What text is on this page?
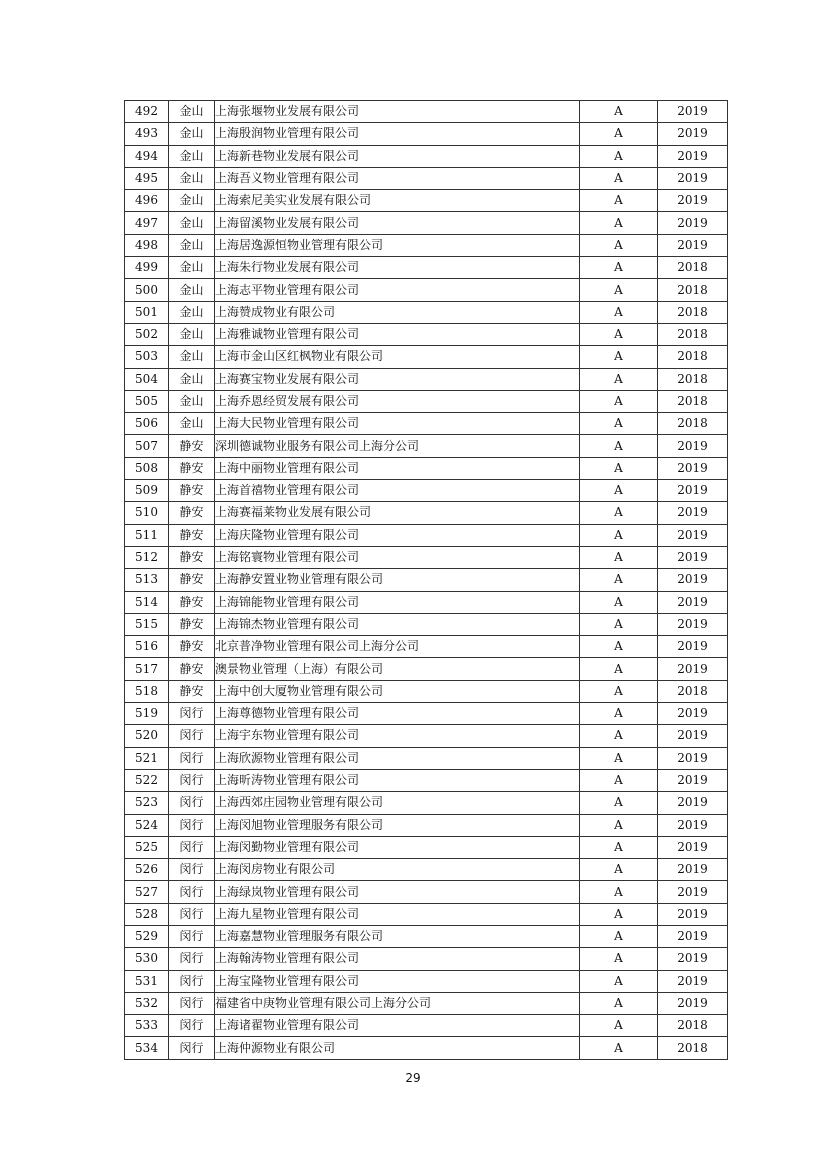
492	金山	上海张堰物业发展有限公司	A	2019
493	金山	上海殷润物业管理有限公司	A	2019
494	金山	上海新巷物业发展有限公司	A	2019
495	金山	上海吾义物业管理有限公司	A	2019
496	金山	上海索尼美实业发展有限公司	A	2019
497	金山	上海留溪物业发展有限公司	A	2019
498	金山	上海居逸源恒物业管理有限公司	A	2019
499	金山	上海朱行物业发展有限公司	A	2018
500	金山	上海志平物业管理有限公司	A	2018
501	金山	上海赞成物业有限公司	A	2018
502	金山	上海雅诚物业管理有限公司	A	2018
503	金山	上海市金山区红枫物业有限公司	A	2018
504	金山	上海赛宝物业发展有限公司	A	2018
505	金山	上海乔恩经贸发展有限公司	A	2018
506	金山	上海大民物业管理有限公司	A	2018
507	静安	深圳德诚物业服务有限公司上海分公司	A	2019
508	静安	上海中丽物业管理有限公司	A	2019
509	静安	上海首禧物业管理有限公司	A	2019
510	静安	上海赛福莱物业发展有限公司	A	2019
511	静安	上海庆隆物业管理有限公司	A	2019
512	静安	上海铭寰物业管理有限公司	A	2019
513	静安	上海静安置业物业管理有限公司	A	2019
514	静安	上海锦能物业管理有限公司	A	2019
515	静安	上海锦杰物业管理有限公司	A	2019
516	静安	北京普净物业管理有限公司上海分公司	A	2019
517	静安	澳景物业管理（上海）有限公司	A	2019
518	静安	上海中创大厦物业管理有限公司	A	2018
519	闵行	上海尊德物业管理有限公司	A	2019
520	闵行	上海宇东物业管理有限公司	A	2019
521	闵行	上海欣源物业管理有限公司	A	2019
522	闵行	上海昕涛物业管理有限公司	A	2019
523	闵行	上海西郊庄园物业管理有限公司	A	2019
524	闵行	上海闵旭物业管理服务有限公司	A	2019
525	闵行	上海闵勤物业管理有限公司	A	2019
526	闵行	上海闵房物业有限公司	A	2019
527	闵行	上海绿岚物业管理有限公司	A	2019
528	闵行	上海九星物业管理有限公司	A	2019
529	闵行	上海嘉慧物业管理服务有限公司	A	2019
530	闵行	上海翰涛物业管理有限公司	A	2019
531	闵行	上海宝隆物业管理有限公司	A	2019
532	闵行	福建省中庚物业管理有限公司上海分公司	A	2019
533	闵行	上海诸翟物业管理有限公司	A	2018
534	闵行	上海仲源物业有限公司	A	2018
29
